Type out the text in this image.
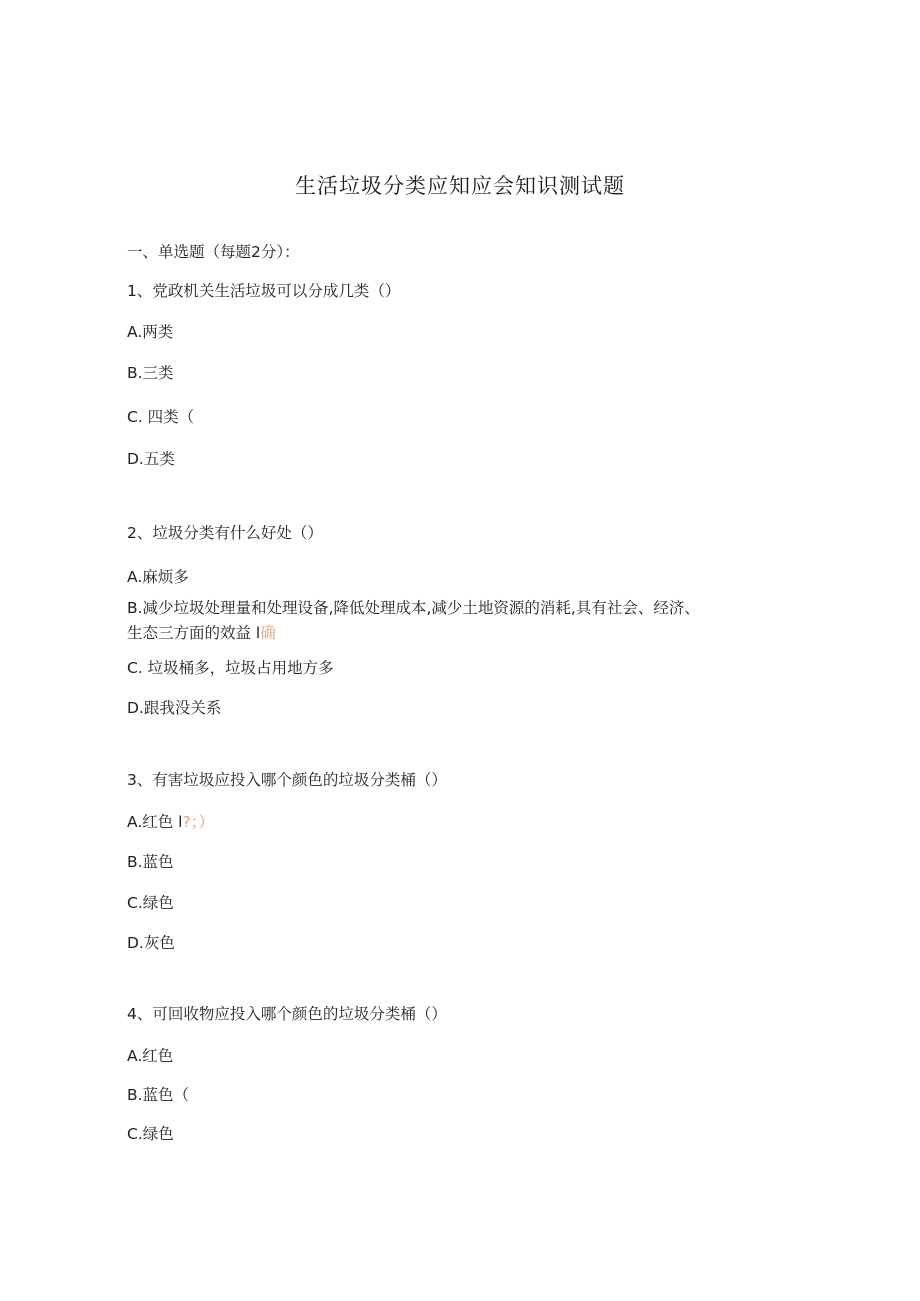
生活垃圾分类应知应会知识测试题
一、单选题（每题2分）：
1、党政机关生活垃圾可以分成几类（）
A.两类
B.三类
C. 四类（
D.五类
2、垃圾分类有什么好处（）
A.麻烦多
B.减少垃圾处理量和处理设备,降低处理成本,减少土地资源的消耗,具有社会、经济、
生态三方面的效益 l确
C. 垃圾桶多，垃圾占用地方多
D.跟我没关系
3、有害垃圾应投入哪个颜色的垃圾分类桶（）
A.红色 l?；）
B.蓝色
C.绿色
D.灰色
4、可回收物应投入哪个颜色的垃圾分类桶（）
A.红色
B.蓝色（
C.绿色
